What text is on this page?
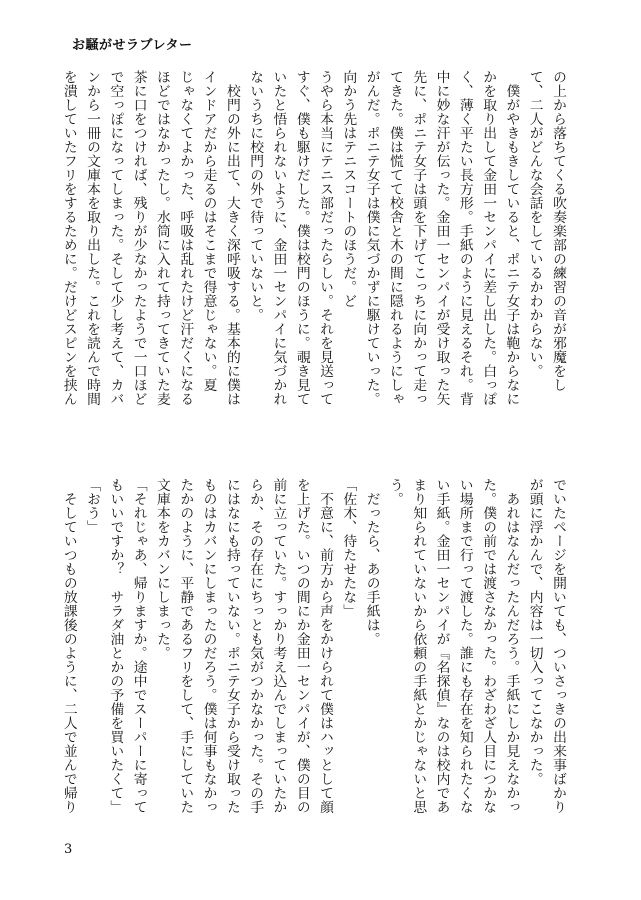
お騒がせラブレター
の上から落ちてくる吹奏楽部の練習の音が邪魔をし
て、二人がどんな会話をしているかわからない。
　僕がやきもきしていると、ポニテ女子は鞄からなに
かを取り出して金田一センパイに差し出した。白っぽ
く、薄く平たい長方形。手紙のように見えるそれ。背
中に妙な汗が伝った。金田一センパイが受け取った矢
先に、ポニテ女子は頭を下げてこっちに向かって走っ
てきた。僕は慌てて校舎と木の間に隠れるようにしゃ
がんだ。ポニテ女子は僕に気づかずに駆けていった。
向かう先はテニスコートのほうだ。ど
うやら本当にテニス部だったらしい。それを見送って
すぐ、僕も駆けだした。僕は校門のほうに。覗き見て
いたと悟られないように、金田一センパイに気づかれ
ないうちに校門の外で待っていないと。
　校門の外に出て、大きく深呼吸する。基本的に僕は
インドアだから走るのはそこまで得意じゃない。夏
じゃなくてよかった、呼吸は乱れたけど汗だくになる
ほどではなかったし。水筒に入れて持ってきていた麦
茶に口をつければ、残りが少なかったようで一口ほど
で空っぽになってしまった。そして少し考えて、カバ
ンから一冊の文庫本を取り出した。これを読んで時間
を潰していたフリをするために。だけどスピンを挟ん
でいたページを開いても、ついさっきの出来事ばかり
が頭に浮かんで、内容は一切入ってこなかった。
　あれはなんだったんだろう。手紙にしか見えなかっ
た。僕の前では渡さなかった。わざわざ人目につかな
い場所まで行って渡した。誰にも存在を知られたくな
い手紙。金田一センパイが『名探偵』なのは校内であ
まり知られていないから依頼の手紙とかじゃないと思
う。
　だったら、あの手紙は。
「佐木、待たせたな」
　不意に、前方から声をかけられて僕はハッとして顔
を上げた。いつの間にか金田一センパイが、僕の目の
前に立っていた。すっかり考え込んでしまっていたか
らか、その存在にちっとも気がつかなかった。その手
にはなにも持っていない。ポニテ女子から受け取った
ものはカバンにしまったのだろう。僕は何事もなかっ
たかのように、平静であるフリをして、手にしていた
文庫本をカバンにしまった。
「それじゃあ、帰りますか。途中でスーパーに寄って
もいいですか？　サラダ油とかの予備を買いたくて」
「おう」
　そしていつもの放課後のように、二人で並んで帰り
3
